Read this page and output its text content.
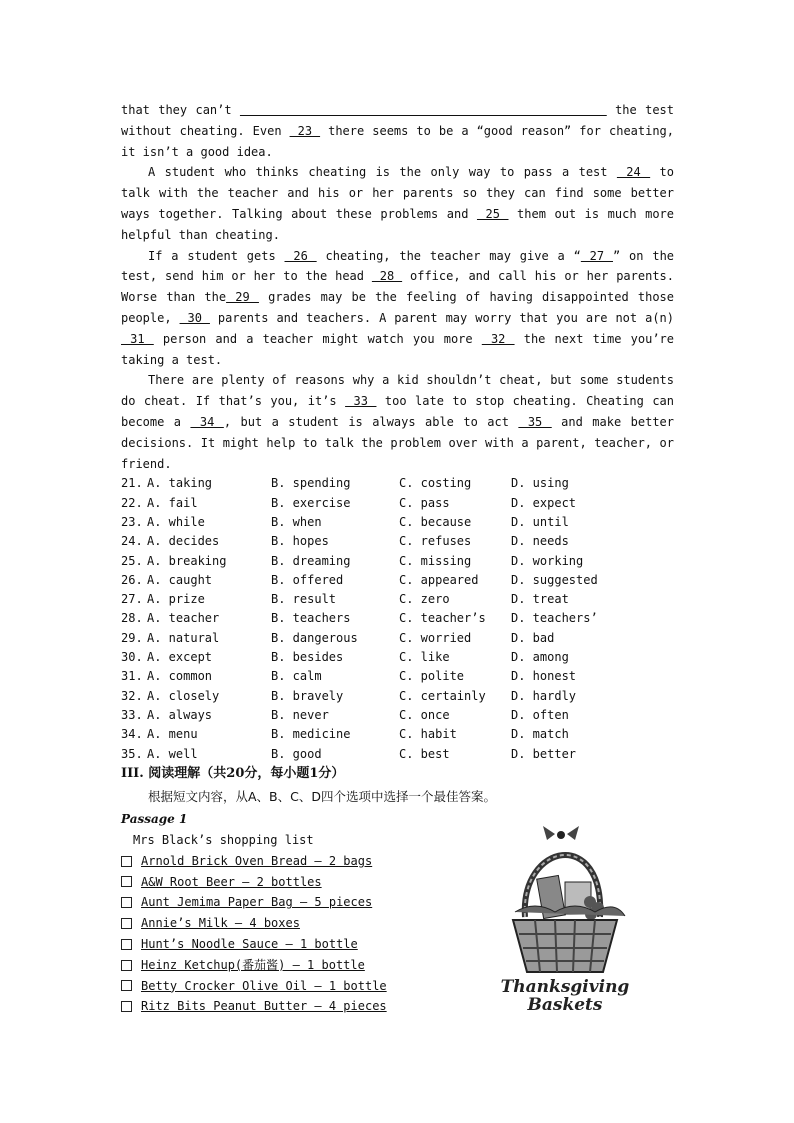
that they can’t	the test without cheating. Even  23  there seems to be a “good reason” for cheating, it isn’t a good idea.

A student who thinks cheating is the only way to pass a test  24  to talk with the teacher and his or her parents so they can find some better ways together. Talking about these problems and  25  them out is much more helpful than cheating.

If a student gets  26  cheating, the teacher may give a “ 27 ” on the test, send him or her to the head  28  office, and call his or her parents. Worse than the 29  grades may be the feeling of having disappointed those people,  30  parents and teachers. A parent may worry that you are not a(n)  31  person and a teacher might watch you more  32  the next time you’re taking a test.

There are plenty of reasons why a kid shouldn’t cheat, but some students do cheat. If that’s you, it’s  33  too late to stop cheating. Cheating can become a  34 , but a student is always able to act  35  and make better decisions. It might help to talk the problem over with a parent, teacher, or friend.

21. A. taking	B. spending	C. costing	D. using
22. A. fail	B. exercise	C. pass	D. expect
23. A. while	B. when	C. because	D. until
24. A. decides	B. hopes	C. refuses	D. needs
25. A. breaking	B. dreaming	C. missing	D. working
26. A. caught	B. offered	C. appeared	D. suggested
27. A. prize	B. result	C. zero	D. treat
28. A. teacher	B. teachers	C. teacher’s D. teachers’
29. A. natural	B. dangerous	C. worried	D. bad
30. A. except	B. besides	C. like	D. among
31. A. common	B. calm	C. polite	D. honest
32. A. closely	B. bravely	C. certainly D. hardly
33. A. always	B. never	C. once	D. often
34. A. menu	B. medicine	C. habit	D. match
35. A. well	B. good	C. best	D. better

III. 阅读理解（共20分，每小题1分）

根据短文内容，从A、B、C、D四个选项中选择一个最佳答案。

Passage 1

Mrs Black’s shopping list

Arnold Brick Oven Bread — 2 bags
A&W Root Beer — 2 bottles
Aunt Jemima Paper Bag — 5 pieces
Annie’s Milk — 4 boxes
Hunt’s Noodle Sauce — 1 bottle
Heinz Ketchup(番茄酱) — 1 bottle
Betty Crocker Olive Oil — 1 bottle
Ritz Bits Peanut Butter — 4 pieces
Thanksgiving
Baskets
